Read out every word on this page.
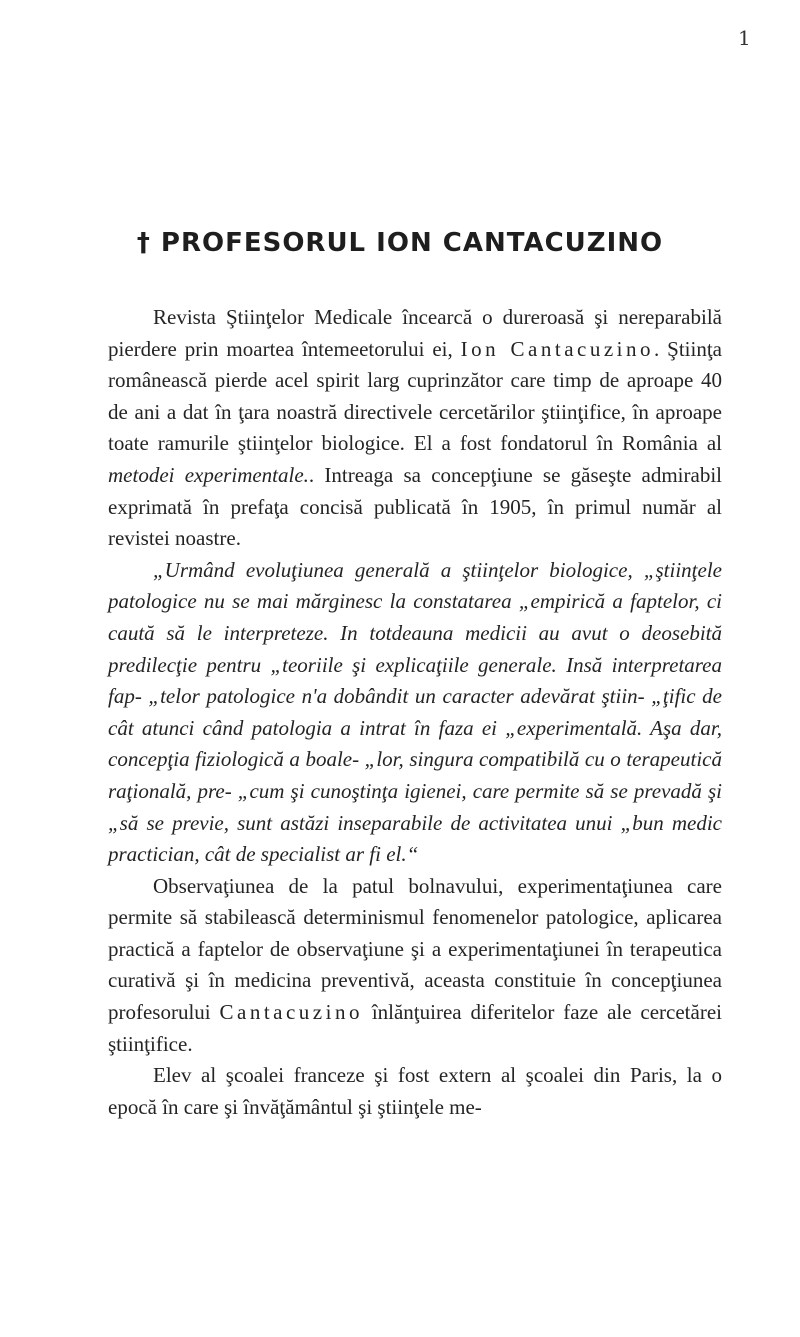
1
† PROFESORUL ION CANTACUZINO

Revista Ştiinţelor Medicale încearcă o dureroasă şi nereparabilă pierdere prin moartea întemeetorului ei, Ion Cantacuzino. Ştiinţa românească pierde acel spirit larg cuprinzător care timp de aproape 40 de ani a dat în ţara noastră directivele cercetărilor ştiinţifice, în aproape toate ramurile ştiinţelor biologice. El a fost fondatorul în România al metodei experimentale.. Intreaga sa concepţiune se găseşte admirabil exprimată în prefaţa concisă publicată în 1905, în primul număr al revistei noastre.

„Urmând evoluţiunea generală a ştiinţelor biologice, „ştiinţele patologice nu se mai mărginesc la constatarea „empirică a faptelor, ci caută să le interpreteze. In totdeauna medicii au avut o deosebită predilecţie pentru „teoriile şi explicaţiile generale. Insă interpretarea fap- „telor patologice n'a dobândit un caracter adevărat ştiin- „ţific de cât atunci când patologia a intrat în faza ei „experimentală. Aşa dar, concepţia fiziologică a boale- „lor, singura compatibilă cu o terapeutică raţională, pre- „cum şi cunoştinţa igienei, care permite să se prevadă şi „să se previe, sunt astăzi inseparabile de activitatea unui „bun medic practician, cât de specialist ar fi el.“

Observaţiunea de la patul bolnavului, experimentaţiunea care permite să stabilească determinismul fenomenelor patologice, aplicarea practică a faptelor de observaţiune şi a experimentaţiunei în terapeutica curativă şi în medicina preventivă, aceasta constituie în concepţiunea profesorului Cantacuzino înlănţuirea diferitelor faze ale cercetărei ştiinţifice.

Elev al şcoalei franceze şi fost extern al şcoalei din Paris, la o epocă în care şi învăţământul şi ştiinţele me-
